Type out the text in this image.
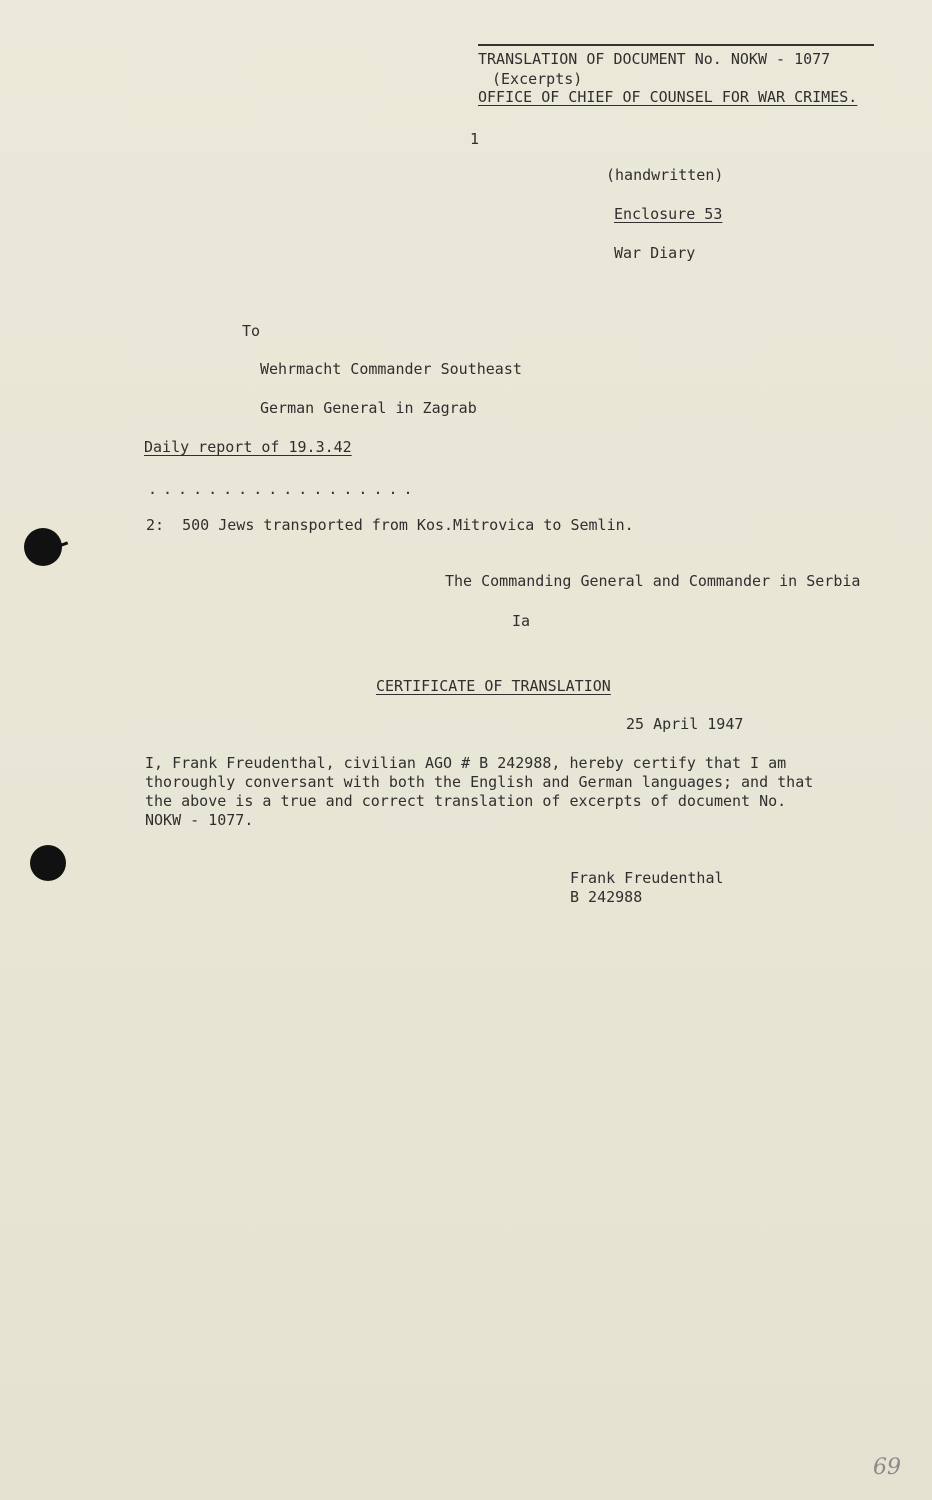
TRANSLATION OF DOCUMENT No. NOKW - 1077
(Excerpts)
OFFICE OF CHIEF OF COUNSEL FOR WAR CRIMES.
1
(handwritten)
Enclosure 53
War Diary
To
Wehrmacht Commander Southeast
German General in Zagrab
Daily report of 19.3.42
..................
2:  500 Jews transported from Kos.Mitrovica to Semlin.
The Commanding General and Commander in Serbia
Ia
CERTIFICATE OF TRANSLATION
25 April 1947
I, Frank Freudenthal, civilian AGO # B 242988, hereby certify that I am
thoroughly conversant with both the English and German languages; and that
the above is a true and correct translation of excerpts of document No.
NOKW - 1077.
Frank Freudenthal
B 242988
69
